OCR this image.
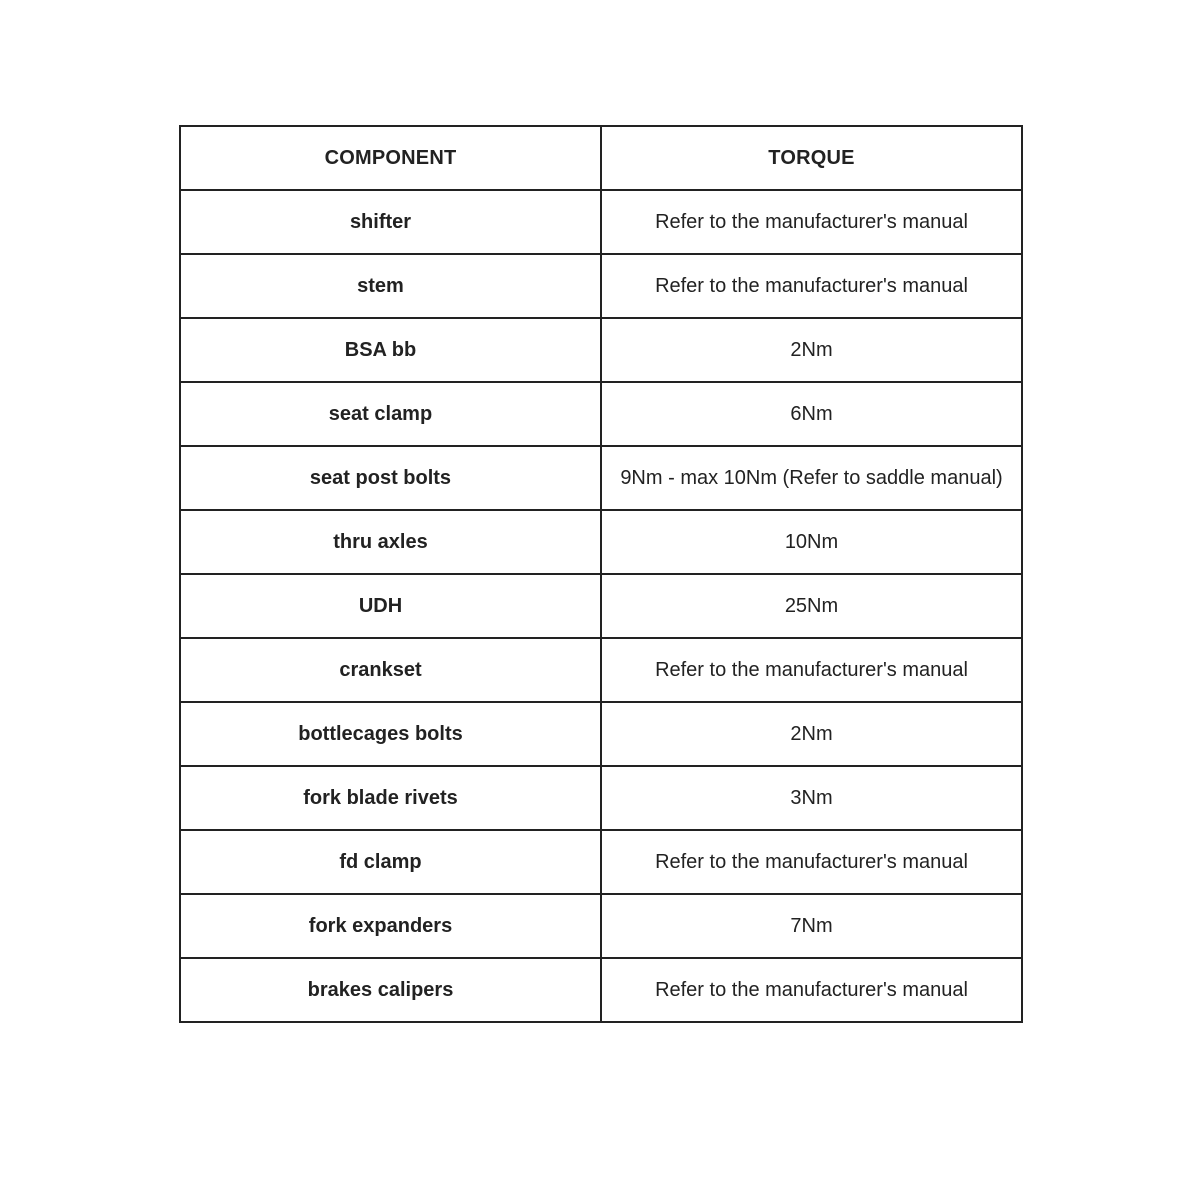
COMPONENT	TORQUE
shifter	Refer to the manufacturer's manual
stem	Refer to the manufacturer's manual
BSA bb	2Nm
seat clamp	6Nm
seat post bolts	9Nm - max 10Nm (Refer to saddle manual)
thru axles	10Nm
UDH	25Nm
crankset	Refer to the manufacturer's manual
bottlecages bolts	2Nm
fork blade rivets	3Nm
fd clamp	Refer to the manufacturer's manual
fork expanders	7Nm
brakes calipers	Refer to the manufacturer's manual
